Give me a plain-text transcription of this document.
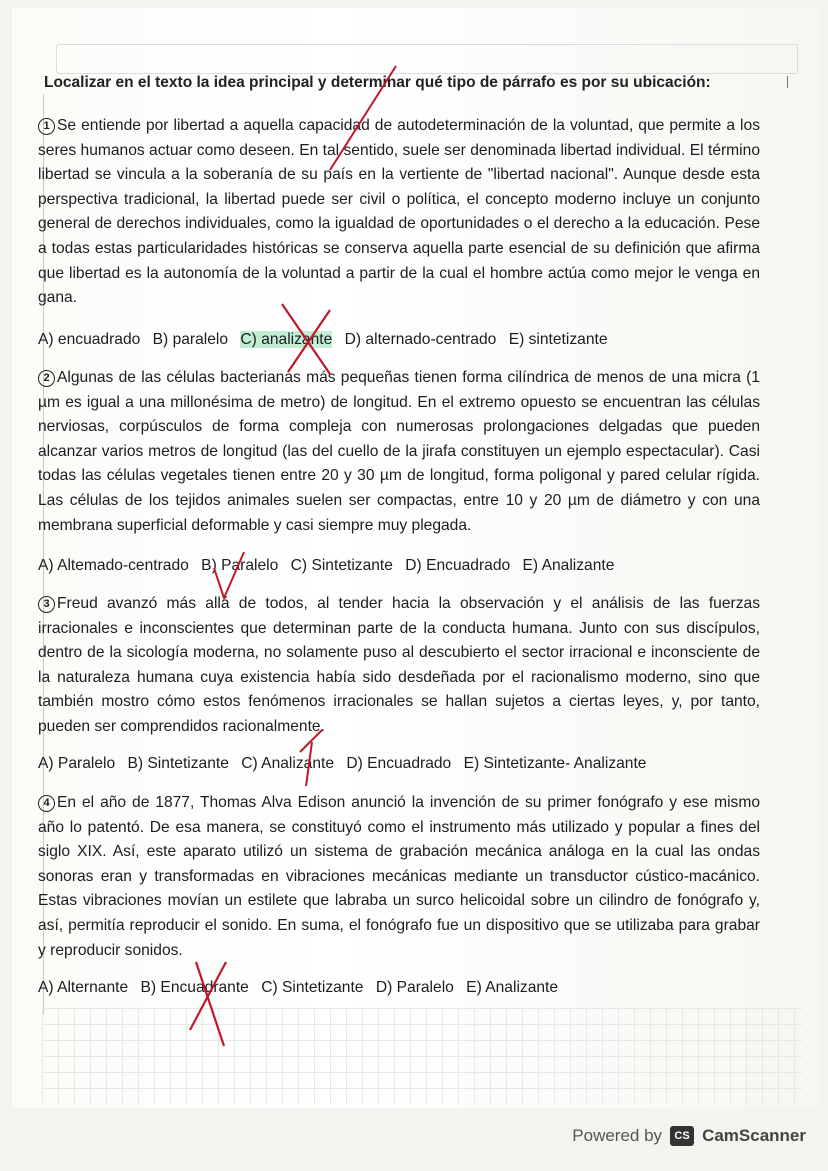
Localizar en el texto la idea principal y determinar qué tipo de párrafo es por su ubicación:
1 Se entiende por libertad a aquella capacidad de autodeterminación de la voluntad, que permite a los seres humanos actuar como deseen. En tal sentido, suele ser denominada libertad individual. El término libertad se vincula a la soberanía de su país en la vertiente de "libertad nacional". Aunque desde esta perspectiva tradicional, la libertad puede ser civil o política, el concepto moderno incluye un conjunto general de derechos individuales, como la igualdad de oportunidades o el derecho a la educación. Pese a todas estas particularidades históricas se conserva aquella parte esencial de su definición que afirma que libertad es la autonomía de la voluntad a partir de la cual el hombre actúa como mejor le venga en gana.
A) encuadrado B) paralelo C) analizante D) alternado-centrado E) sintetizante
2 Algunas de las células bacterianas más pequeñas tienen forma cilíndrica de menos de una micra (1 µm es igual a una millonésima de metro) de longitud. En el extremo opuesto se encuentran las células nerviosas, corpúsculos de forma compleja con numerosas prolongaciones delgadas que pueden alcanzar varios metros de longitud (las del cuello de la jirafa constituyen un ejemplo espectacular). Casi todas las células vegetales tienen entre 20 y 30 µm de longitud, forma poligonal y pared celular rígida. Las células de los tejidos animales suelen ser compactas, entre 10 y 20 µm de diámetro y con una membrana superficial deformable y casi siempre muy plegada.
A) Altemado-centrado B) Paralelo C) Sintetizante D) Encuadrado E) Analizante
3 Freud avanzó más allá de todos, al tender hacia la observación y el análisis de las fuerzas irracionales e inconscientes que determinan parte de la conducta humana. Junto con sus discípulos, dentro de la sicología moderna, no solamente puso al descubierto el sector irracional e inconsciente de la naturaleza humana cuya existencia había sido desdeñada por el racionalismo moderno, sino que también mostro cómo estos fenómenos irracionales se hallan sujetos a ciertas leyes, y, por tanto, pueden ser comprendidos racionalmente.
A) Paralelo B) Sintetizante C) Analizante D) Encuadrado E) Sintetizante- Analizante
4 En el año de 1877, Thomas Alva Edison anunció la invención de su primer fonógrafo y ese mismo año lo patentó. De esa manera, se constituyó como el instrumento más utilizado y popular a fines del siglo XIX. Así, este aparato utilizó un sistema de grabación mecánica análoga en la cual las ondas sonoras eran y transformadas en vibraciones mecánicas mediante un transductor cústico-macánico. Estas vibraciones movían un estilete que labraba un surco helicoidal sobre un cilindro de fonógrafo y, así, permitía reproducir el sonido. En suma, el fonógrafo fue un dispositivo que se utilizaba para grabar y reproducir sonidos.
A) Alternante B) Encuadrante C) Sintetizante D) Paralelo E) Analizante
Powered by	CS CamScanner
